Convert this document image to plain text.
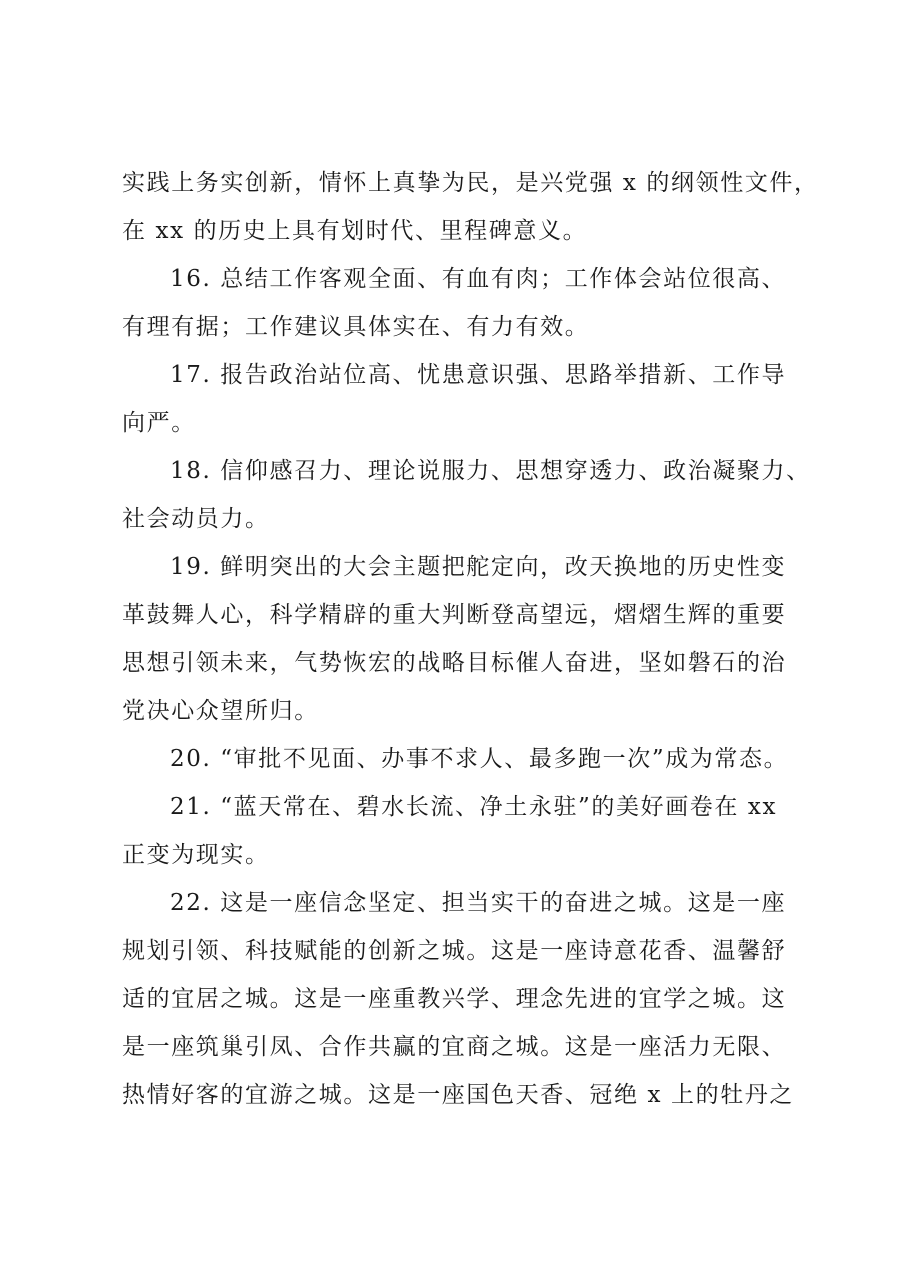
实践上务实创新，情怀上真挚为民，是兴党强 x 的纲领性文件，
在 xx 的历史上具有划时代、里程碑意义。
16. 总结工作客观全面、有血有肉；工作体会站位很高、
有理有据；工作建议具体实在、有力有效。
17. 报告政治站位高、忧患意识强、思路举措新、工作导
向严。
18. 信仰感召力、理论说服力、思想穿透力、政治凝聚力、
社会动员力。
19. 鲜明突出的大会主题把舵定向，改天换地的历史性变
革鼓舞人心，科学精辟的重大判断登高望远，熠熠生辉的重要
思想引领未来，气势恢宏的战略目标催人奋进，坚如磐石的治
党决心众望所归。
20. “审批不见面、办事不求人、最多跑一次”成为常态。
21. “蓝天常在、碧水长流、净土永驻”的美好画卷在 xx
正变为现实。
22. 这是一座信念坚定、担当实干的奋进之城。这是一座
规划引领、科技赋能的创新之城。这是一座诗意花香、温馨舒
适的宜居之城。这是一座重教兴学、理念先进的宜学之城。这
是一座筑巢引凤、合作共赢的宜商之城。这是一座活力无限、
热情好客的宜游之城。这是一座国色天香、冠绝 x 上的牡丹之
